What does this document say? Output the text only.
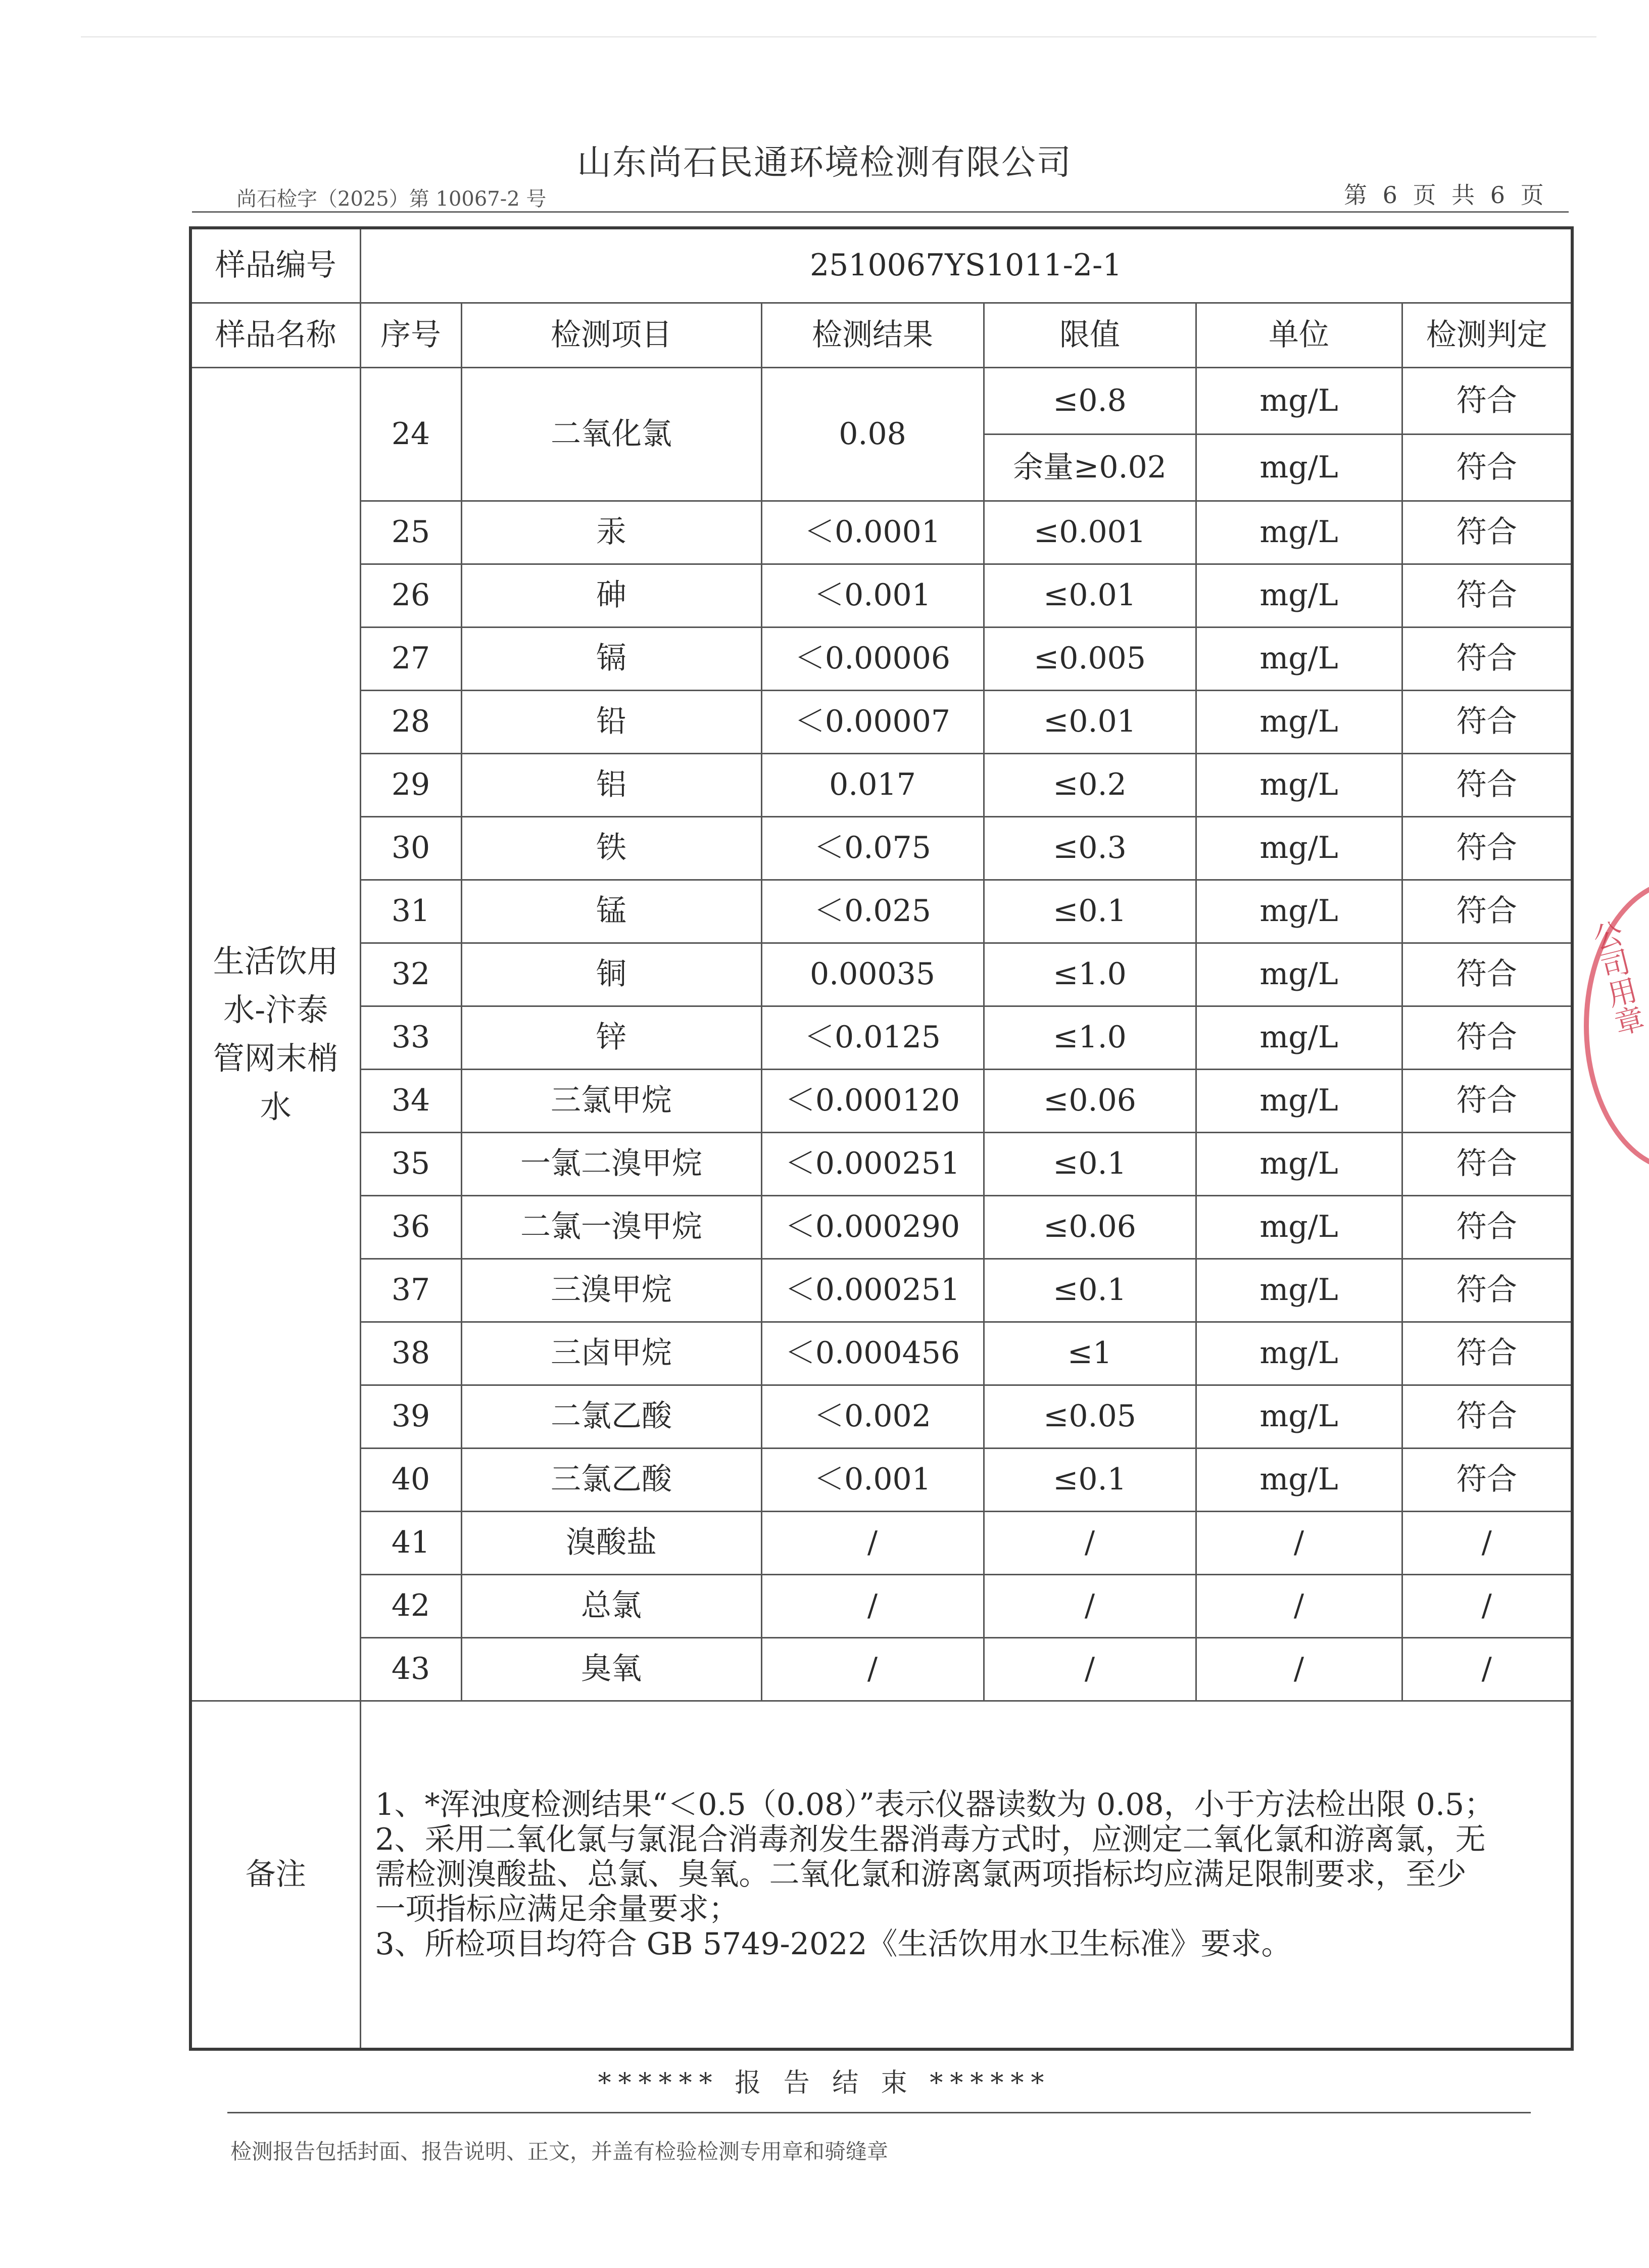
山东尚石民通环境检测有限公司
尚石检字（2025）第 10067-2 号	第 6 页 共 6 页
样品编号	2510067YS1011-2-1					
样品名称	序号	检测项目	检测结果	限值	单位	检测判定

生活饮用
水-汴泰
管网末梢
水	24	二氧化氯	0.08	≤0.8	mg/L	符合
				余量≥0.02	mg/L	符合
	25	汞	＜0.0001	≤0.001	mg/L	符合
	26	砷	＜0.001	≤0.01	mg/L	符合
	27	镉	＜0.00006	≤0.005	mg/L	符合
	28	铅	＜0.00007	≤0.01	mg/L	符合
	29	铝	0.017	≤0.2	mg/L	符合
	30	铁	＜0.075	≤0.3	mg/L	符合
	31	锰	＜0.025	≤0.1	mg/L	符合
	32	铜	0.00035	≤1.0	mg/L	符合
	33	锌	＜0.0125	≤1.0	mg/L	符合
	34	三氯甲烷	＜0.000120	≤0.06	mg/L	符合
	35	一氯二溴甲烷	＜0.000251	≤0.1	mg/L	符合
	36	二氯一溴甲烷	＜0.000290	≤0.06	mg/L	符合
	37	三溴甲烷	＜0.000251	≤0.1	mg/L	符合
	38	三卤甲烷	＜0.000456	≤1	mg/L	符合
	39	二氯乙酸	＜0.002	≤0.05	mg/L	符合
	40	三氯乙酸	＜0.001	≤0.1	mg/L	符合
	41	溴酸盐	/	/	/	/
	42	总氯	/	/	/	/
	43	臭氧	/	/	/	/
备注	1、*浑浊度检测结果“＜0.5（0.08）”表示仪器读数为 0.08，小于方法检出限 0.5；
2、采用二氧化氯与氯混合消毒剂发生器消毒方式时，应测定二氧化氯和游离氯，无
需检测溴酸盐、总氯、臭氧。二氧化氯和游离氯两项指标均应满足限制要求，至少
一项指标应满足余量要求；
3、所检项目均符合 GB 5749-2022《生活饮用水卫生标准》要求。					
公司用章
****** 报 告 结 束 ******
检测报告包括封面、报告说明、正文，并盖有检验检测专用章和骑缝章
